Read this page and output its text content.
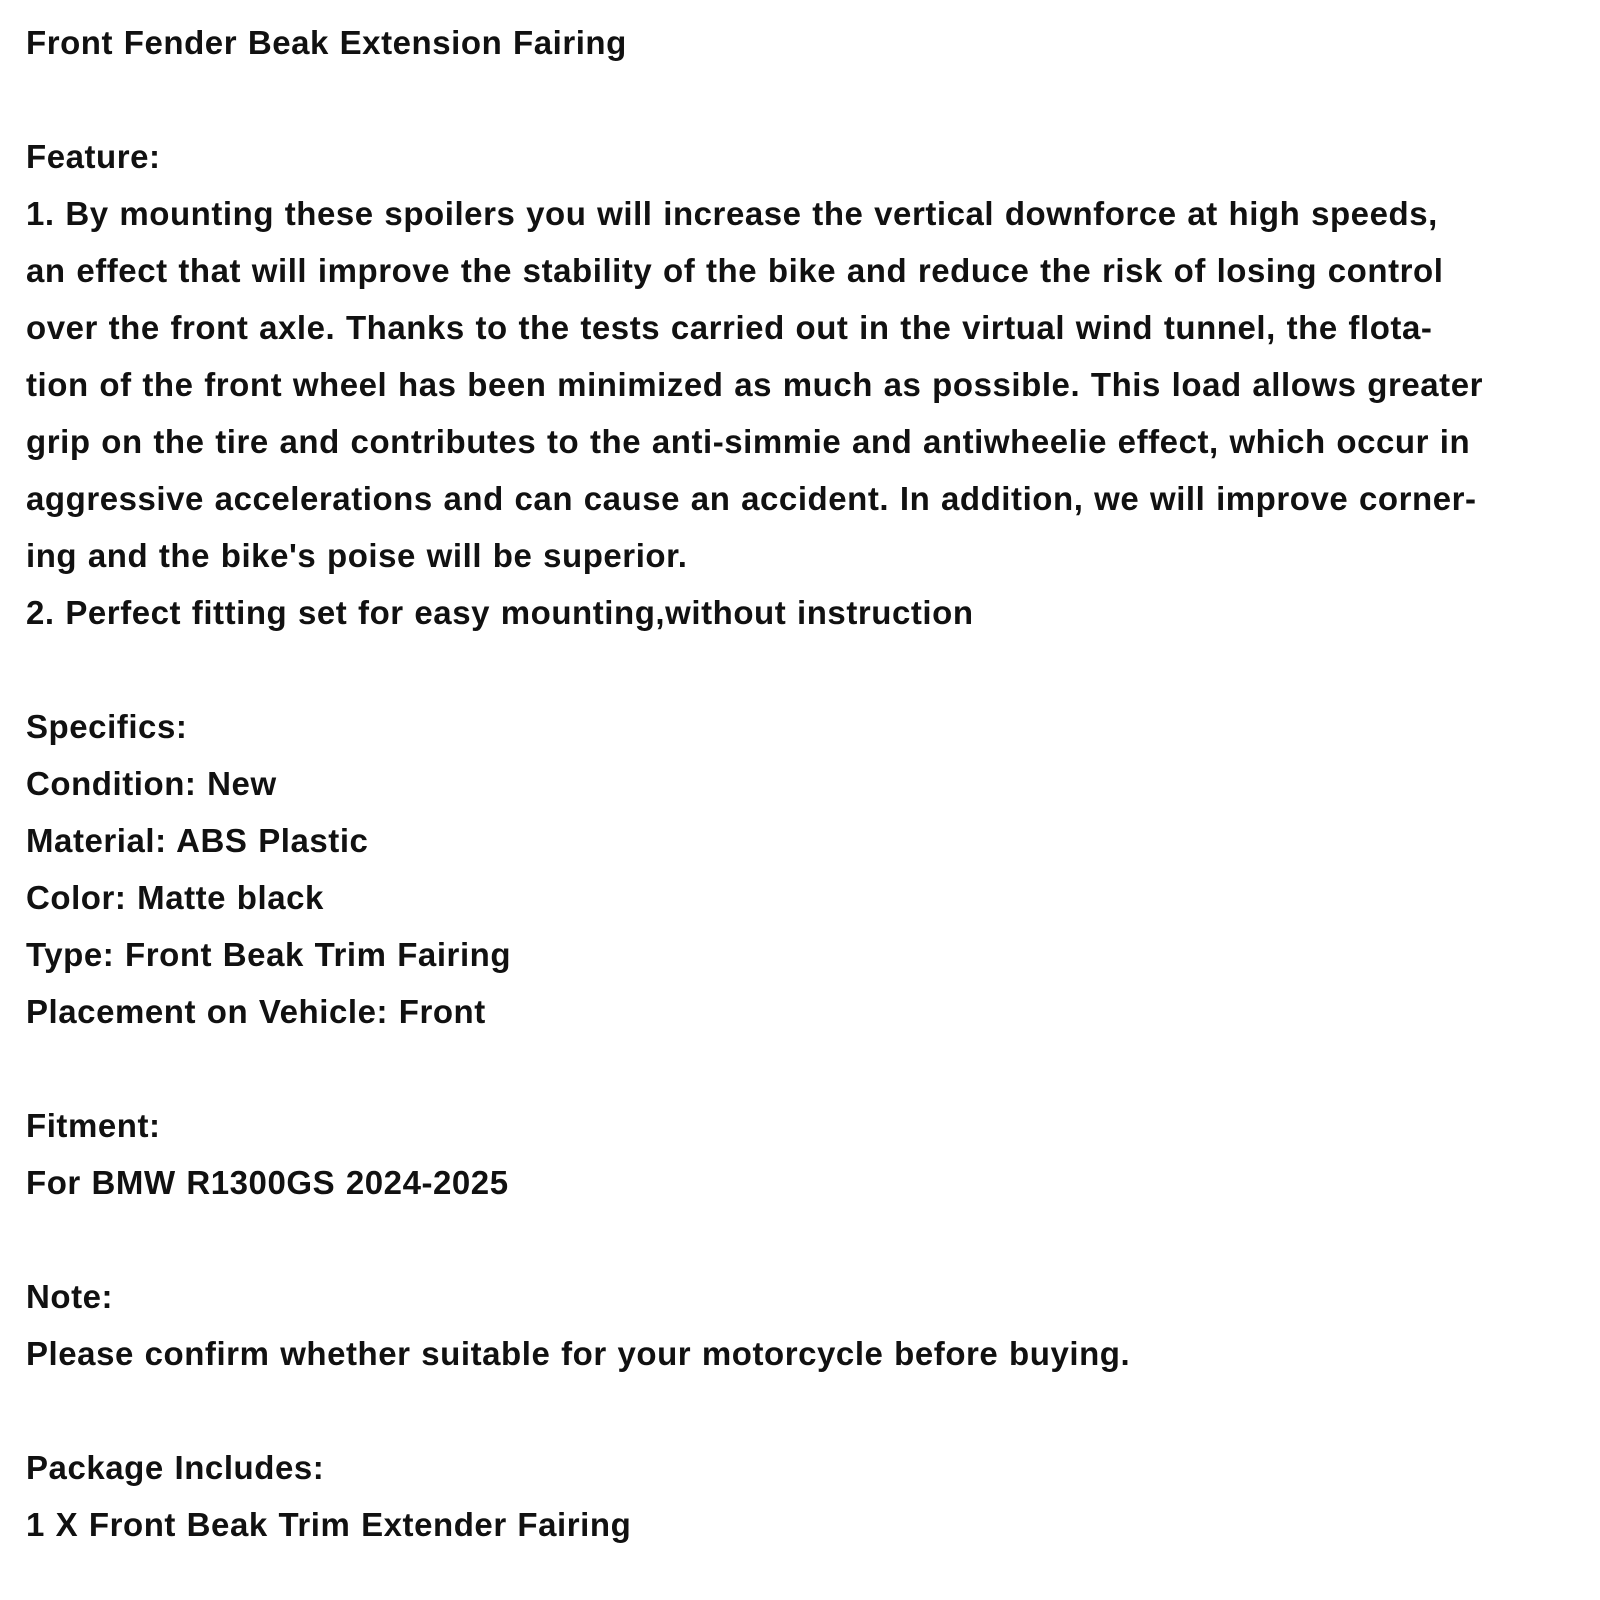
Front Fender Beak Extension Fairing
Feature:
1. By mounting these spoilers you will increase the vertical downforce at high speeds,
an effect that will improve the stability of the bike and reduce the risk of losing control
over the front axle. Thanks to the tests carried out in the virtual wind tunnel, the flota-
tion of the front wheel has been minimized as much as possible. This load allows greater
grip on the tire and contributes to the anti-simmie and antiwheelie effect, which occur in
aggressive accelerations and can cause an accident. In addition, we will improve corner-
ing and the bike's poise will be superior.
2. Perfect fitting set for easy mounting,without instruction
Specifics:
Condition: New
Material: ABS Plastic
Color: Matte black
Type: Front Beak Trim Fairing
Placement on Vehicle: Front
Fitment:
For BMW R1300GS 2024-2025
Note:
Please confirm whether suitable for your motorcycle before buying.
Package Includes:
1 X Front Beak Trim Extender Fairing
